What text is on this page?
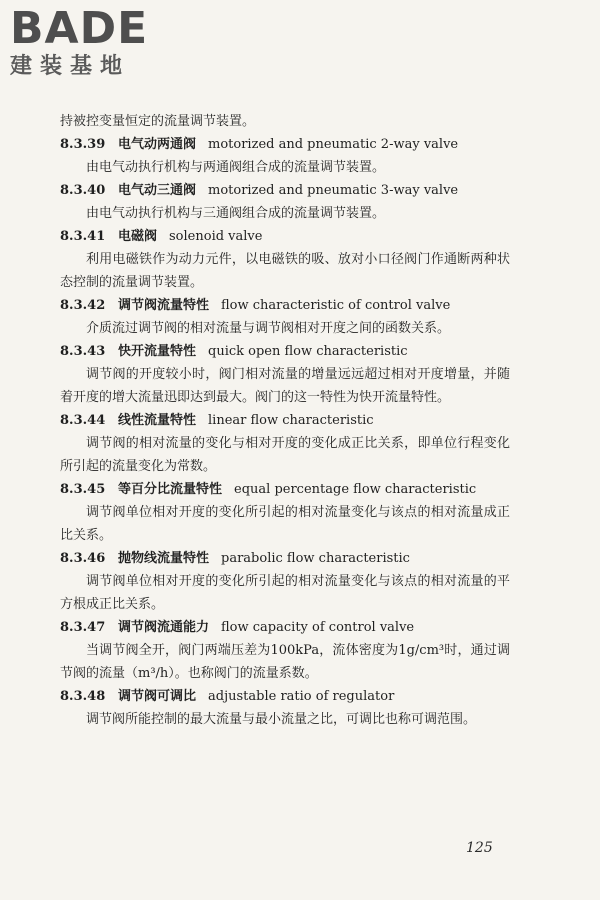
BADE

建装基地

持被控变量恒定的流量调节装置。

8.3.39 电气动两通阀 motorized and pneumatic 2-way valve

由电气动执行机构与两通阀组合成的流量调节装置。

8.3.40 电气动三通阀 motorized and pneumatic 3-way valve

由电气动执行机构与三通阀组合成的流量调节装置。

8.3.41 电磁阀 solenoid valve

利用电磁铁作为动力元件，以电磁铁的吸、放对小口径阀门作通断两种状态控制的流量调节装置。

8.3.42 调节阀流量特性 flow characteristic of control valve

介质流过调节阀的相对流量与调节阀相对开度之间的函数关系。

8.3.43 快开流量特性 quick open flow characteristic

调节阀的开度较小时，阀门相对流量的增量远远超过相对开度增量，并随着开度的增大流量迅即达到最大。阀门的这一特性为快开流量特性。

8.3.44 线性流量特性 linear flow characteristic

调节阀的相对流量的变化与相对开度的变化成正比关系，即单位行程变化所引起的流量变化为常数。

8.3.45 等百分比流量特性 equal percentage flow characteristic

调节阀单位相对开度的变化所引起的相对流量变化与该点的相对流量成正比关系。

8.3.46 抛物线流量特性 parabolic flow characteristic

调节阀单位相对开度的变化所引起的相对流量变化与该点的相对流量的平方根成正比关系。

8.3.47 调节阀流通能力 flow capacity of control valve

当调节阀全开，阀门两端压差为100kPa，流体密度为1g/cm³时，通过调节阀的流量（m³/h）。也称阀门的流量系数。

8.3.48 调节阀可调比 adjustable ratio of regulator

调节阀所能控制的最大流量与最小流量之比，可调比也称可调范围。

125
